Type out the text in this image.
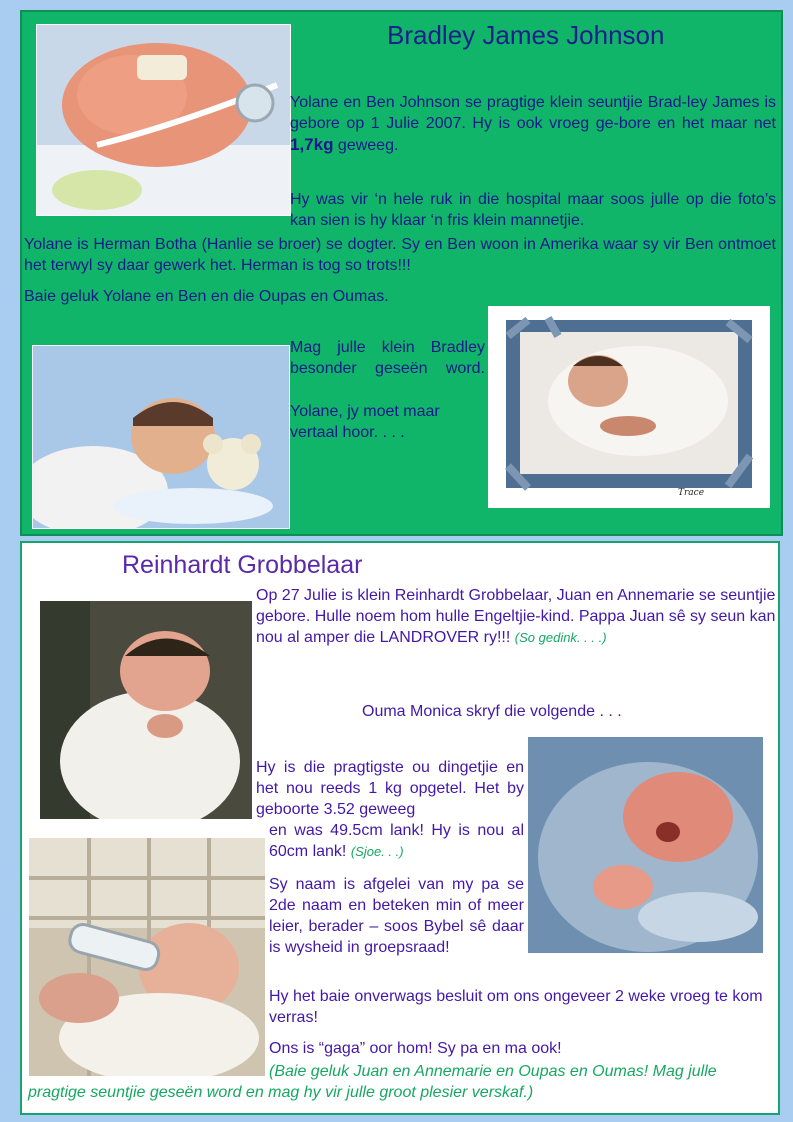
Bradley James Johnson
Yolane en Ben Johnson se pragtige klein seuntjie Brad-ley James is gebore op 1 Julie 2007. Hy is ook vroeg ge-bore en het maar net 1,7kg geweeg.
Hy was vir ‘n hele ruk in die hospital maar soos julle op die foto’s kan sien is hy klaar ‘n fris klein mannetjie.
Yolane is Herman Botha (Hanlie se broer) se dogter. Sy en Ben woon in Amerika waar sy vir Ben ontmoet het terwyl sy daar gewerk het. Herman is tog so trots!!!
Baie geluk Yolane en Ben en die Oupas en Oumas.
Mag julle klein Bradley besonder geseën word.
Yolane, jy moet maar vertaal hoor. . . .
Trace
Reinhardt Grobbelaar
Op 27 Julie is klein Reinhardt Grobbelaar, Juan en Annemarie se seuntjie gebore. Hulle noem hom hulle Engeltjie-kind. Pappa Juan sê sy seun kan nou al amper die LANDROVER ry!!! (So gedink. . . .)
Ouma Monica skryf die volgende . . .
Hy is die pragtigste ou dingetjie en het nou reeds 1 kg opgetel. Het by geboorte 3.52 geweeg
en was 49.5cm lank! Hy is nou al 60cm lank! (Sjoe. . .)
Sy naam is afgelei van my pa se 2de naam en beteken min of meer leier, berader – soos Bybel sê daar is wysheid in groepsraad!
Hy het baie onverwags besluit om ons ongeveer 2 weke vroeg te kom verras!
Ons is “gaga” oor hom! Sy pa en ma ook!
(Baie geluk Juan en Annemarie en Oupas en Oumas! Mag julle pragtige seuntjie geseën word en mag hy vir julle groot plesier verskaf.)
